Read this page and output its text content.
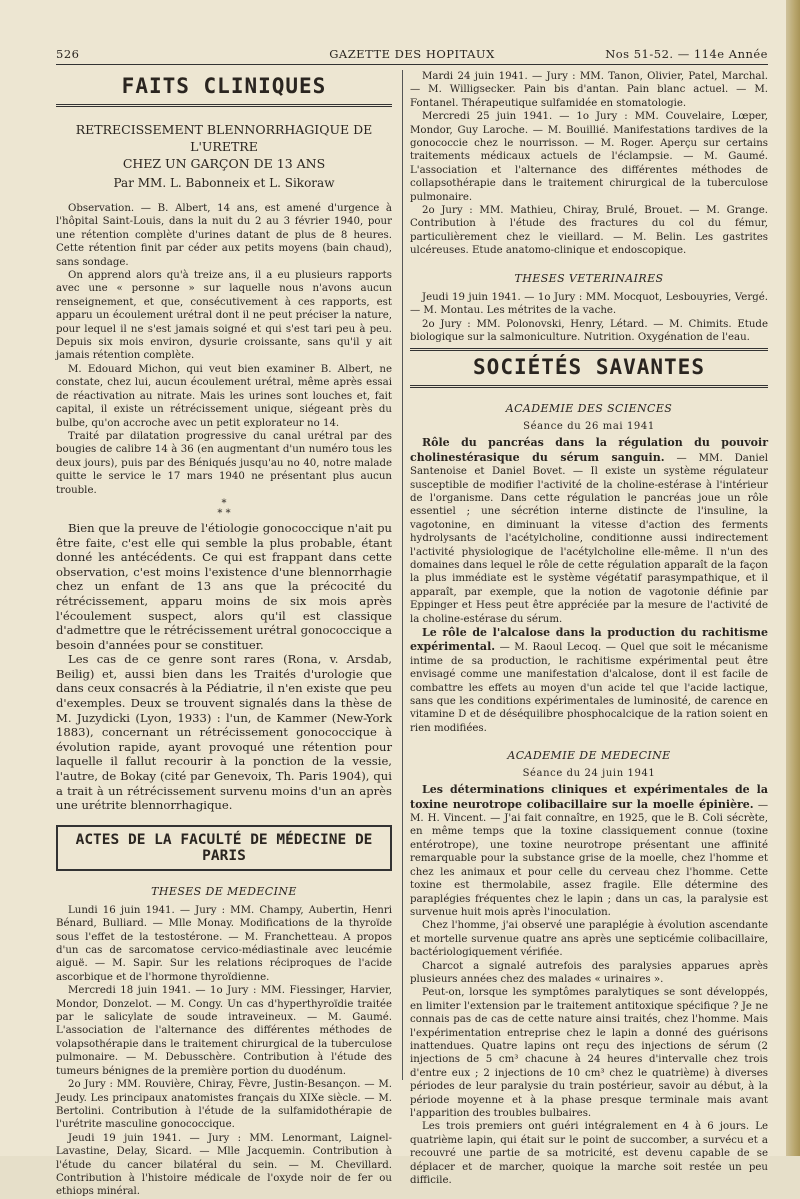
526	GAZETTE DES HOPITAUX	Nos 51-52. — 114e Année
FAITS CLINIQUES
RETRECISSEMENT BLENNORRHAGIQUE DE L'URETRE
CHEZ UN GARÇON DE 13 ANS
Par MM. L. Babonneix et L. Sikoraw

Observation. — B. Albert, 14 ans, est amené d'urgence à l'hôpital Saint-Louis, dans la nuit du 2 au 3 février 1940, pour une rétention complète d'urines datant de plus de 8 heures. Cette rétention finit par céder aux petits moyens (bain chaud), sans sondage.

On apprend alors qu'à treize ans, il a eu plusieurs rapports avec une « personne » sur laquelle nous n'avons aucun renseignement, et que, consécutivement à ces rapports, est apparu un écoulement urétral dont il ne peut préciser la nature, pour lequel il ne s'est jamais soigné et qui s'est tari peu à peu. Depuis six mois environ, dysurie croissante, sans qu'il y ait jamais rétention complète.

M. Edouard Michon, qui veut bien examiner B. Albert, ne constate, chez lui, aucun écoulement urétral, même après essai de réactivation au nitrate. Mais les urines sont louches et, fait capital, il existe un rétrécissement unique, siégeant près du bulbe, qu'on accroche avec un petit explorateur no 14.

Traité par dilatation progressive du canal urétral par des bougies de calibre 14 à 36 (en augmentant d'un numéro tous les deux jours), puis par des Béniqués jusqu'au no 40, notre malade quitte le service le 17 mars 1940 ne présentant plus aucun trouble.

*
* *

Bien que la preuve de l'étiologie gonococcique n'ait pu être faite, c'est elle qui semble la plus probable, étant donné les antécédents. Ce qui est frappant dans cette observation, c'est moins l'existence d'une blennorrhagie chez un enfant de 13 ans que la précocité du rétrécissement, apparu moins de six mois après l'écoulement suspect, alors qu'il est classique d'admettre que le rétrécissement urétral gonococcique a besoin d'années pour se constituer.

Les cas de ce genre sont rares (Rona, v. Arsdab, Beilig) et, aussi bien dans les Traités d'urologie que dans ceux consacrés à la Pédiatrie, il n'en existe que peu d'exemples. Deux se trouvent signalés dans la thèse de M. Juzydicki (Lyon, 1933) : l'un, de Kammer (New-York 1883), concernant un rétrécissement gonococcique à évolution rapide, ayant provoqué une rétention pour laquelle il fallut recourir à la ponction de la vessie, l'autre, de Bokay (cité par Genevoix, Th. Paris 1904), qui a trait à un rétrécissement survenu moins d'un an après une urétrite blennorrhagique.

ACTES DE LA FACULTÉ DE MÉDECINE DE PARIS
THESES DE MEDECINE

Lundi 16 juin 1941. — Jury : MM. Champy, Aubertin, Henri Bénard, Bulliard. — Mlle Monay. Modifications de la thyroïde sous l'effet de la testostérone. — M. Franchetteau. A propos d'un cas de sarcomatose cervico-médiastinale avec leucémie aiguë. — M. Sapir. Sur les relations réciproques de l'acide ascorbique et de l'hormone thyroïdienne.

Mercredi 18 juin 1941. — 1o Jury : MM. Fiessinger, Harvier, Mondor, Donzelot. — M. Congy. Un cas d'hyperthyroïdie traitée par le salicylate de soude intraveineux. — M. Gaumé. L'association de l'alternance des différentes méthodes de volapsothérapie dans le traitement chirurgical de la tuberculose pulmonaire. — M. Debusschère. Contribution à l'étude des tumeurs bénignes de la première portion du duodénum.

2o Jury : MM. Rouvière, Chiray, Fèvre, Justin-Besançon. — M. Jeudy. Les principaux anatomistes français du XIXe siècle. — M. Bertolini. Contribution à l'étude de la sulfamidothérapie de l'urétrite masculine gonococcique.

Jeudi 19 juin 1941. — Jury : MM. Lenormant, Laignel-Lavastine, Delay, Sicard. — Mlle Jacquemin. Contribution à l'étude du cancer bilatéral du sein. — M. Chevillard. Contribution à l'histoire médicale de l'oxyde noir de fer ou ethiops minéral.

Mardi 24 juin 1941. — Jury : MM. Tanon, Olivier, Patel, Marchal. — M. Willigsecker. Pain bis d'antan. Pain blanc actuel. — M. Fontanel. Thérapeutique sulfamidée en stomatologie.

Mercredi 25 juin 1941. — 1o Jury : MM. Couvelaire, Lœper, Mondor, Guy Laroche. — M. Bouillié. Manifestations tardives de la gonococcie chez le nourrisson. — M. Roger. Aperçu sur certains traitements médicaux actuels de l'éclampsie. — M. Gaumé. L'association et l'alternance des différentes méthodes de collapsothérapie dans le traitement chirurgical de la tuberculose pulmonaire.

2o Jury : MM. Mathieu, Chiray, Brulé, Brouet. — M. Grange. Contribution à l'étude des fractures du col du fémur, particulièrement chez le vieillard. — M. Belin. Les gastrites ulcéreuses. Etude anatomo-clinique et endoscopique.

THESES VETERINAIRES

Jeudi 19 juin 1941. — 1o Jury : MM. Mocquot, Lesbouyries, Vergé. — M. Montau. Les métrites de la vache.

2o Jury : MM. Polonovski, Henry, Létard. — M. Chimits. Etude biologique sur la salmoniculture. Nutrition. Oxygénation de l'eau.

SOCIÉTÉS SAVANTES
ACADEMIE DES SCIENCES
Séance du 26 mai 1941

Rôle du pancréas dans la régulation du pouvoir cholinestérasique du sérum sanguin. — MM. Daniel Santenoise et Daniel Bovet. — Il existe un système régulateur susceptible de modifier l'activité de la choline-estérase à l'intérieur de l'organisme. Dans cette régulation le pancréas joue un rôle essentiel ; une sécrétion interne distincte de l'insuline, la vagotonine, en diminuant la vitesse d'action des ferments hydrolysants de l'acétylcholine, conditionne aussi indirectement l'activité physiologique de l'acétylcholine elle-même. Il n'un des domaines dans lequel le rôle de cette régulation apparaît de la façon la plus immédiate est le système végétatif parasympathique, et il apparaît, par exemple, que la notion de vagotonie définie par Eppinger et Hess peut être appréciée par la mesure de l'activité de la choline-estérase du sérum.

Le rôle de l'alcalose dans la production du rachitisme expérimental. — M. Raoul Lecoq. — Quel que soit le mécanisme intime de sa production, le rachitisme expérimental peut être envisagé comme une manifestation d'alcalose, dont il est facile de combattre les effets au moyen d'un acide tel que l'acide lactique, sans que les conditions expérimentales de luminosité, de carence en vitamine D et de déséquilibre phosphocalcique de la ration soient en rien modifiées.

ACADEMIE DE MEDECINE
Séance du 24 juin 1941

Les déterminations cliniques et expérimentales de la toxine neurotrope colibacillaire sur la moelle épinière. — M. H. Vincent. — J'ai fait connaître, en 1925, que le B. Coli sécrète, en même temps que la toxine classiquement connue (toxine entérotrope), une toxine neurotrope présentant une affinité remarquable pour la substance grise de la moelle, chez l'homme et chez les animaux et pour celle du cerveau chez l'homme. Cette toxine est thermolabile, assez fragile. Elle détermine des paraplégies fréquentes chez le lapin ; dans un cas, la paralysie est survenue huit mois après l'inoculation.

Chez l'homme, j'ai observé une paraplégie à évolution ascendante et mortelle survenue quatre ans après une septicémie colibacillaire, bactériologiquement vérifiée.

Charcot a signalé autrefois des paralysies apparues après plusieurs années chez des malades « urinaires ».

Peut-on, lorsque les symptômes paralytiques se sont développés, en limiter l'extension par le traitement antitoxique spécifique ? Je ne connais pas de cas de cette nature ainsi traités, chez l'homme. Mais l'expérimentation entreprise chez le lapin a donné des guérisons inattendues. Quatre lapins ont reçu des injections de sérum (2 injections de 5 cm³ chacune à 24 heures d'intervalle chez trois d'entre eux ; 2 injections de 10 cm³ chez le quatrième) à diverses périodes de leur paralysie du train postérieur, savoir au début, à la période moyenne et à la phase presque terminale mais avant l'apparition des troubles bulbaires.

Les trois premiers ont guéri intégralement en 4 à 6 jours. Le quatrième lapin, qui était sur le point de succomber, a survécu et a recouvré une partie de sa motricité, est devenu capable de se déplacer et de marcher, quoique la marche soit restée un peu difficile.
